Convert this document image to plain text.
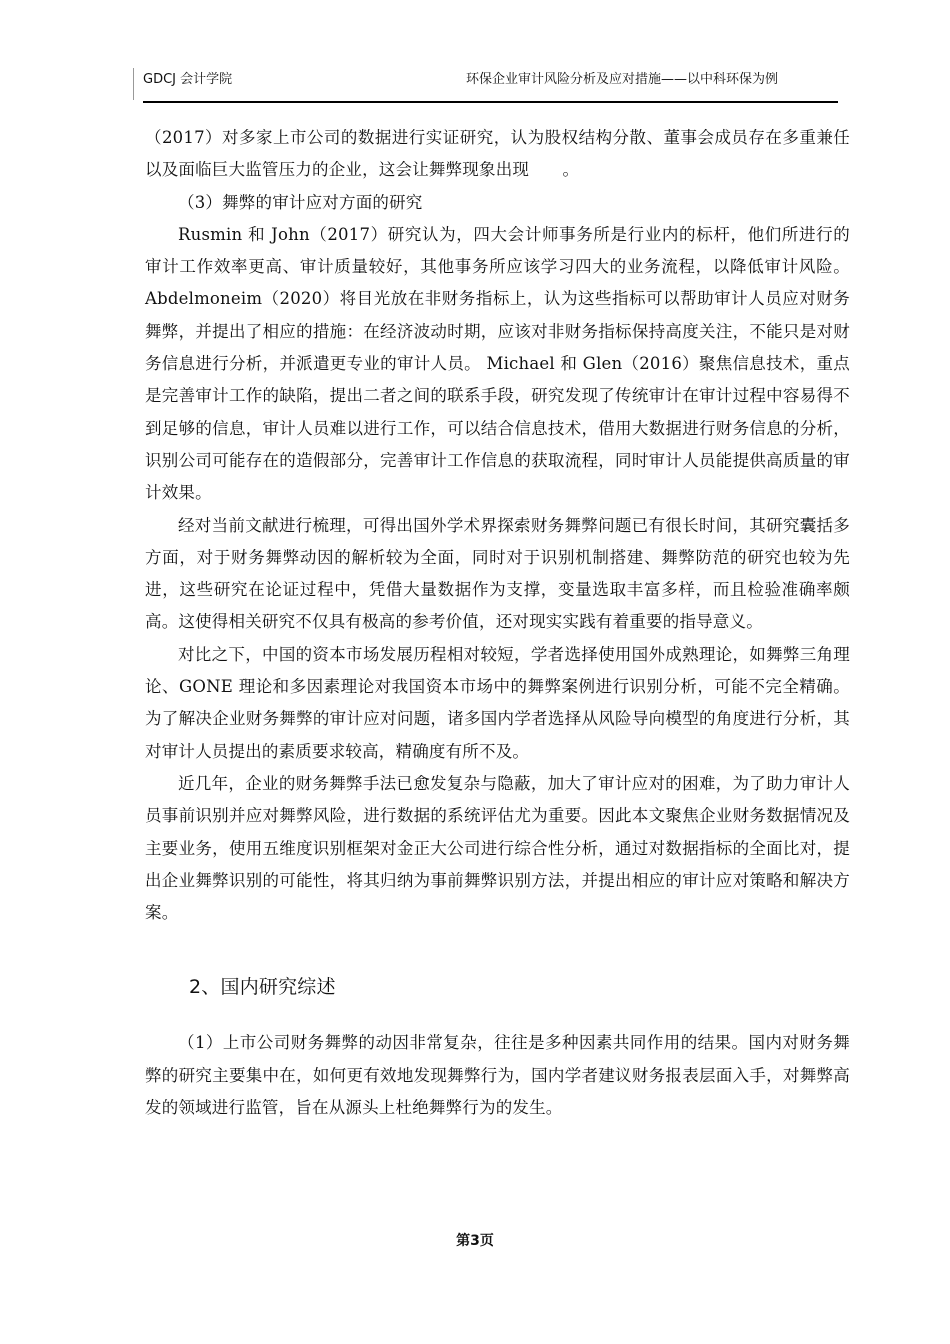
GDCJ 会计学院	环保企业审计风险分析及应对措施——以中科环保为例

（2017）对多家上市公司的数据进行实证研究，认为股权结构分散、董事会成员存在多重兼任以及面临巨大监管压力的企业，这会让舞弊现象出现　　。

（3）舞弊的审计应对方面的研究

Rusmin 和 John（2017）研究认为，四大会计师事务所是行业内的标杆，他们所进行的审计工作效率更高、审计质量较好，其他事务所应该学习四大的业务流程，以降低审计风险。Abdelmoneim（2020）将目光放在非财务指标上，认为这些指标可以帮助审计人员应对财务舞弊，并提出了相应的措施：在经济波动时期，应该对非财务指标保持高度关注，不能只是对财务信息进行分析，并派遣更专业的审计人员。 Michael 和 Glen（2016）聚焦信息技术，重点是完善审计工作的缺陷，提出二者之间的联系手段，研究发现了传统审计在审计过程中容易得不到足够的信息，审计人员难以进行工作，可以结合信息技术，借用大数据进行财务信息的分析，识别公司可能存在的造假部分，完善审计工作信息的获取流程，同时审计人员能提供高质量的审计效果。

经对当前文献进行梳理，可得出国外学术界探索财务舞弊问题已有很长时间，其研究囊括多方面，对于财务舞弊动因的解析较为全面，同时对于识别机制搭建、舞弊防范的研究也较为先进，这些研究在论证过程中，凭借大量数据作为支撑，变量选取丰富多样，而且检验准确率颇高。这使得相关研究不仅具有极高的参考价值，还对现实实践有着重要的指导意义。

对比之下，中国的资本市场发展历程相对较短，学者选择使用国外成熟理论，如舞弊三角理论、GONE 理论和多因素理论对我国资本市场中的舞弊案例进行识别分析，可能不完全精确。为了解决企业财务舞弊的审计应对问题，诸多国内学者选择从风险导向模型的角度进行分析，其对审计人员提出的素质要求较高，精确度有所不及。

近几年，企业的财务舞弊手法已愈发复杂与隐蔽，加大了审计应对的困难，为了助力审计人员事前识别并应对舞弊风险，进行数据的系统评估尤为重要。因此本文聚焦企业财务数据情况及主要业务，使用五维度识别框架对金正大公司进行综合性分析，通过对数据指标的全面比对，提出企业舞弊识别的可能性，将其归纳为事前舞弊识别方法，并提出相应的审计应对策略和解决方案。

2、国内研究综述

（1）上市公司财务舞弊的动因非常复杂，往往是多种因素共同作用的结果。国内对财务舞弊的研究主要集中在，如何更有效地发现舞弊行为，国内学者建议财务报表层面入手，对舞弊高发的领域进行监管，旨在从源头上杜绝舞弊行为的发生。

第3页
